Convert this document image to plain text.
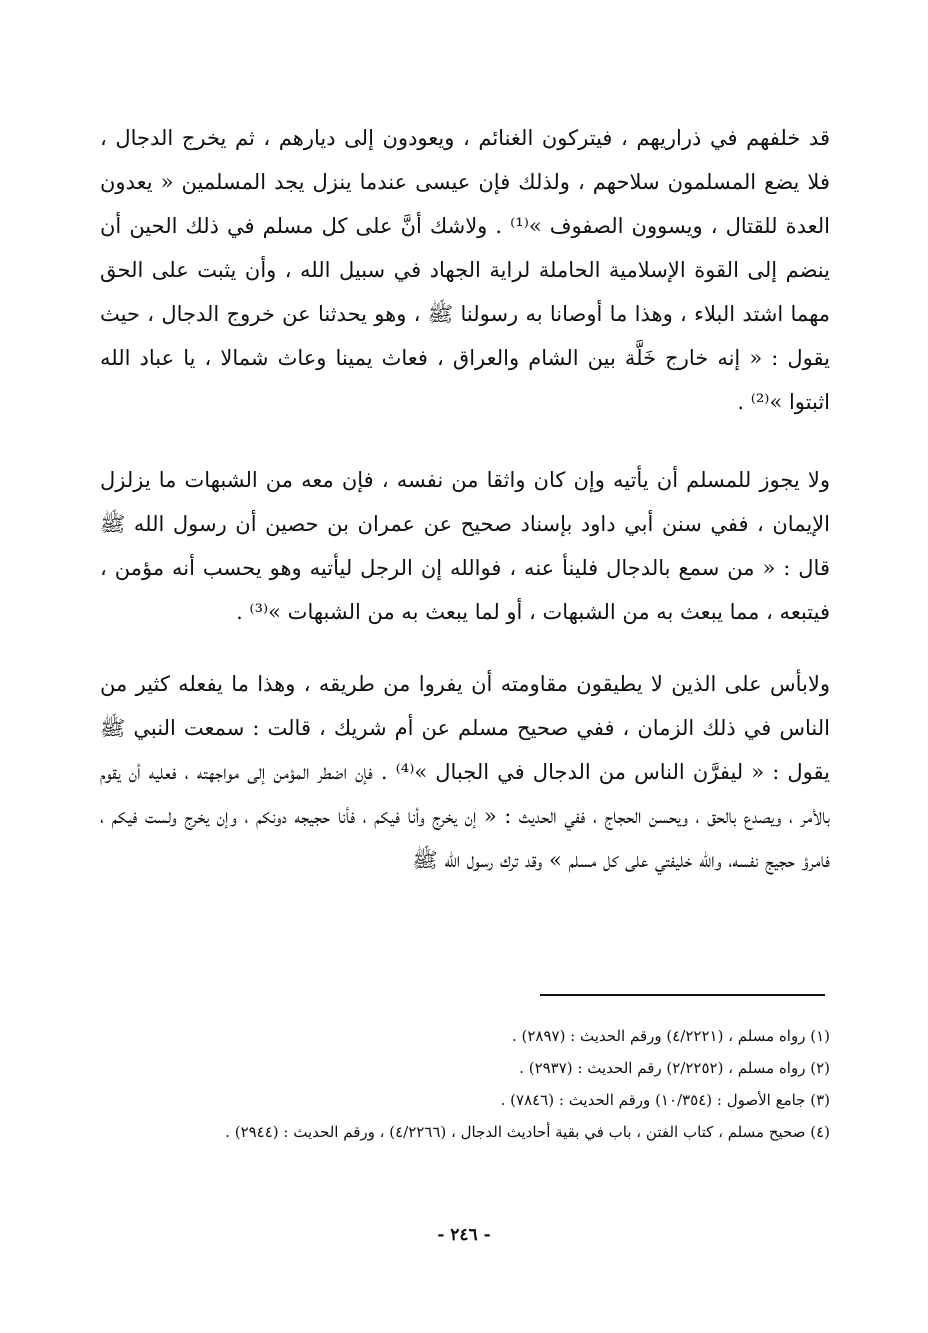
قد خلفهم في ذراريهم ، فيتركون الغنائم ، ويعودون إلى ديارهم ، ثم يخرج الدجال ، فلا يضع المسلمون سلاحهم ، ولذلك فإن عيسى عندما ينزل يجد المسلمين « يعدون العدة للقتال ، ويسوون الصفوف »⁽¹⁾ . ولاشك أنَّ على كل مسلم في ذلك الحين أن ينضم إلى القوة الإسلامية الحاملة لراية الجهاد في سبيل الله ، وأن يثبت على الحق مهما اشتد البلاء ، وهذا ما أوصانا به رسولنا ﷺ ، وهو يحدثنا عن خروج الدجال ، حيث يقول : « إنه خارج خَلَّة بين الشام والعراق ، فعاث يمينا وعاث شمالا ، يا عباد الله اثبتوا »⁽²⁾ .

ولا يجوز للمسلم أن يأتيه وإن كان واثقا من نفسه ، فإن معه من الشبهات ما يزلزل الإيمان ، ففي سنن أبي داود بإسناد صحيح عن عمران بن حصين أن رسول الله ﷺ قال : « من سمع بالدجال فلينأ عنه ، فوالله إن الرجل ليأتيه وهو يحسب أنه مؤمن ، فيتبعه ، مما يبعث به من الشبهات ، أو لما يبعث به من الشبهات »⁽³⁾ .

ولابأس على الذين لا يطيقون مقاومته أن يفروا من طريقه ، وهذا ما يفعله كثير من الناس في ذلك الزمان ، ففي صحيح مسلم عن أم شريك ، قالت : سمعت النبي ﷺ يقول : « ليفرَّن الناس من الدجال في الجبال »⁽⁴⁾ . فإن اضطر المؤمن إلى مواجهته ، فعليه أن يقوم بالأمر ، ويصدع بالحق ، ويحسن الحجاج ، ففي الحديث : « إن يخرج وأنا فيكم ، فأنا حجيجه دونكم ، وإن يخرج ولست فيكم ، فامرؤ حجيج نفسه، والله خليفتي على كل مسلم » وقد ترك رسول الله ﷺ

(١) رواه مسلم ، (٤/٢٢٢١) ورقم الحديث : (٢٨٩٧) .

(٢) رواه مسلم ، (٢/٢٢٥٢) رقم الحديث : (٢٩٣٧) .

(٣) جامع الأصول : (١٠/٣٥٤) ورقم الحديث : (٧٨٤٦) .

(٤) صحيح مسلم ، كتاب الفتن ، باب في بقية أحاديث الدجال ، (٤/٢٢٦٦) ، ورقم الحديث : (٢٩٤٤) .

- ٢٤٦ -
